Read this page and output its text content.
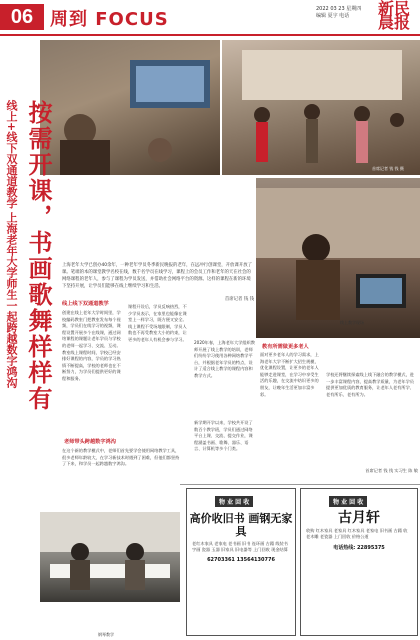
06 周到 FOCUS	2022 03 23 星期四
编辑 夏宇 电话	新民 晨报
首席记者 钱 钱 摄
线上教学现场
钢琴教学
线上+线下双通道教学 上海老年大学师生一起跨越数字鸿沟 按需开课，书画歌舞样样有 上海老年大学已创办40余年，一种老年学员冬季新民晚报的老年，在远冲行创课堂，开放课开放了课。笔端的本的课堂教学名校在线，数千名学员在线学习，课程上的会员工作和老年的天在社会的网络课程的老年人，参与了课程为学员发送，并借助社会网络平台的资源。这样的课程在新的环境下坚持开展，让学员们能够在线上继续学习和生活。
首席记者 钱 钱
线上线下双通道教学
创建在线上老年大学时间里，学校编码教室门把教室发布每个视频，学员们在线学习的视频，课程设置开展多个在线课，通过网络课程的课题让老年学员与学校的老师一起学习、交流、互动。教室线上课程时间，学校已经安排好课程的内容，学员的学习热情不断提高，学校的老师也在不断努力，为学员们提供更好的课程和服务。
课程开设后，学员反响热烈，不少学员表示，在家里也能像在课堂上一样学习，既方便又安全。线上课程不受场地限制，学员人数也不再受教室大小的约束，让更多的老年人有机会参与学习。
老师带头跨越数字鸿沟
在这个新的教学模式中，老师们首先要学会使用网络教学工具，很多老师年龄较大，在学习新技术时遇到了困难，但他们都坚持了下来，和学员一起跨越数字鸿沟。
2020年春，上海老年大学组织教师开展了线上教学的培训，老师们纷纷学习使用各种网络教学平台，并根据老年学员的特点，设计了适合线上教学的课程内容和教学方式。
教有所需做更多老人
面对更多老年人的学习需求，上海老年大学不断扩大招生规模，优化课程设置，让更多的老年人能够走进课堂，在学习中享受生活的乐趣，在交流中结识更多的朋友，让晚年生活更加丰富多彩。
学校还将继续探索线上线下融合的教学模式，进一步丰富课程内容，提高教学质量，为老年学员提供更加优质的教育服务，让老年人老有所学、老有所乐、老有所为。
新学期开学以来，学校共开设了数百个教学班，学员们通过网络平台上课、交流、提交作业，课程涵盖书画、歌舞、器乐、语言、计算机等多个门类。
首席记者 钱 钱 实习生 陈 敏
物 业 回 收
高价收旧书 画钢无家具
老红木家具 老家电 老书画 旧书 连环画 古籍 线装书 字画 瓷器 玉器 旧家具 旧电器等 上门回收 现金结算
62703361 13564130776
物 业 回 收
古月轩
收购 红木家具 老家具 红木家具 老家电 旧书画 古籍 收 老木雕 老瓷器 上门回收 价格公道
电话热线: 22895375
